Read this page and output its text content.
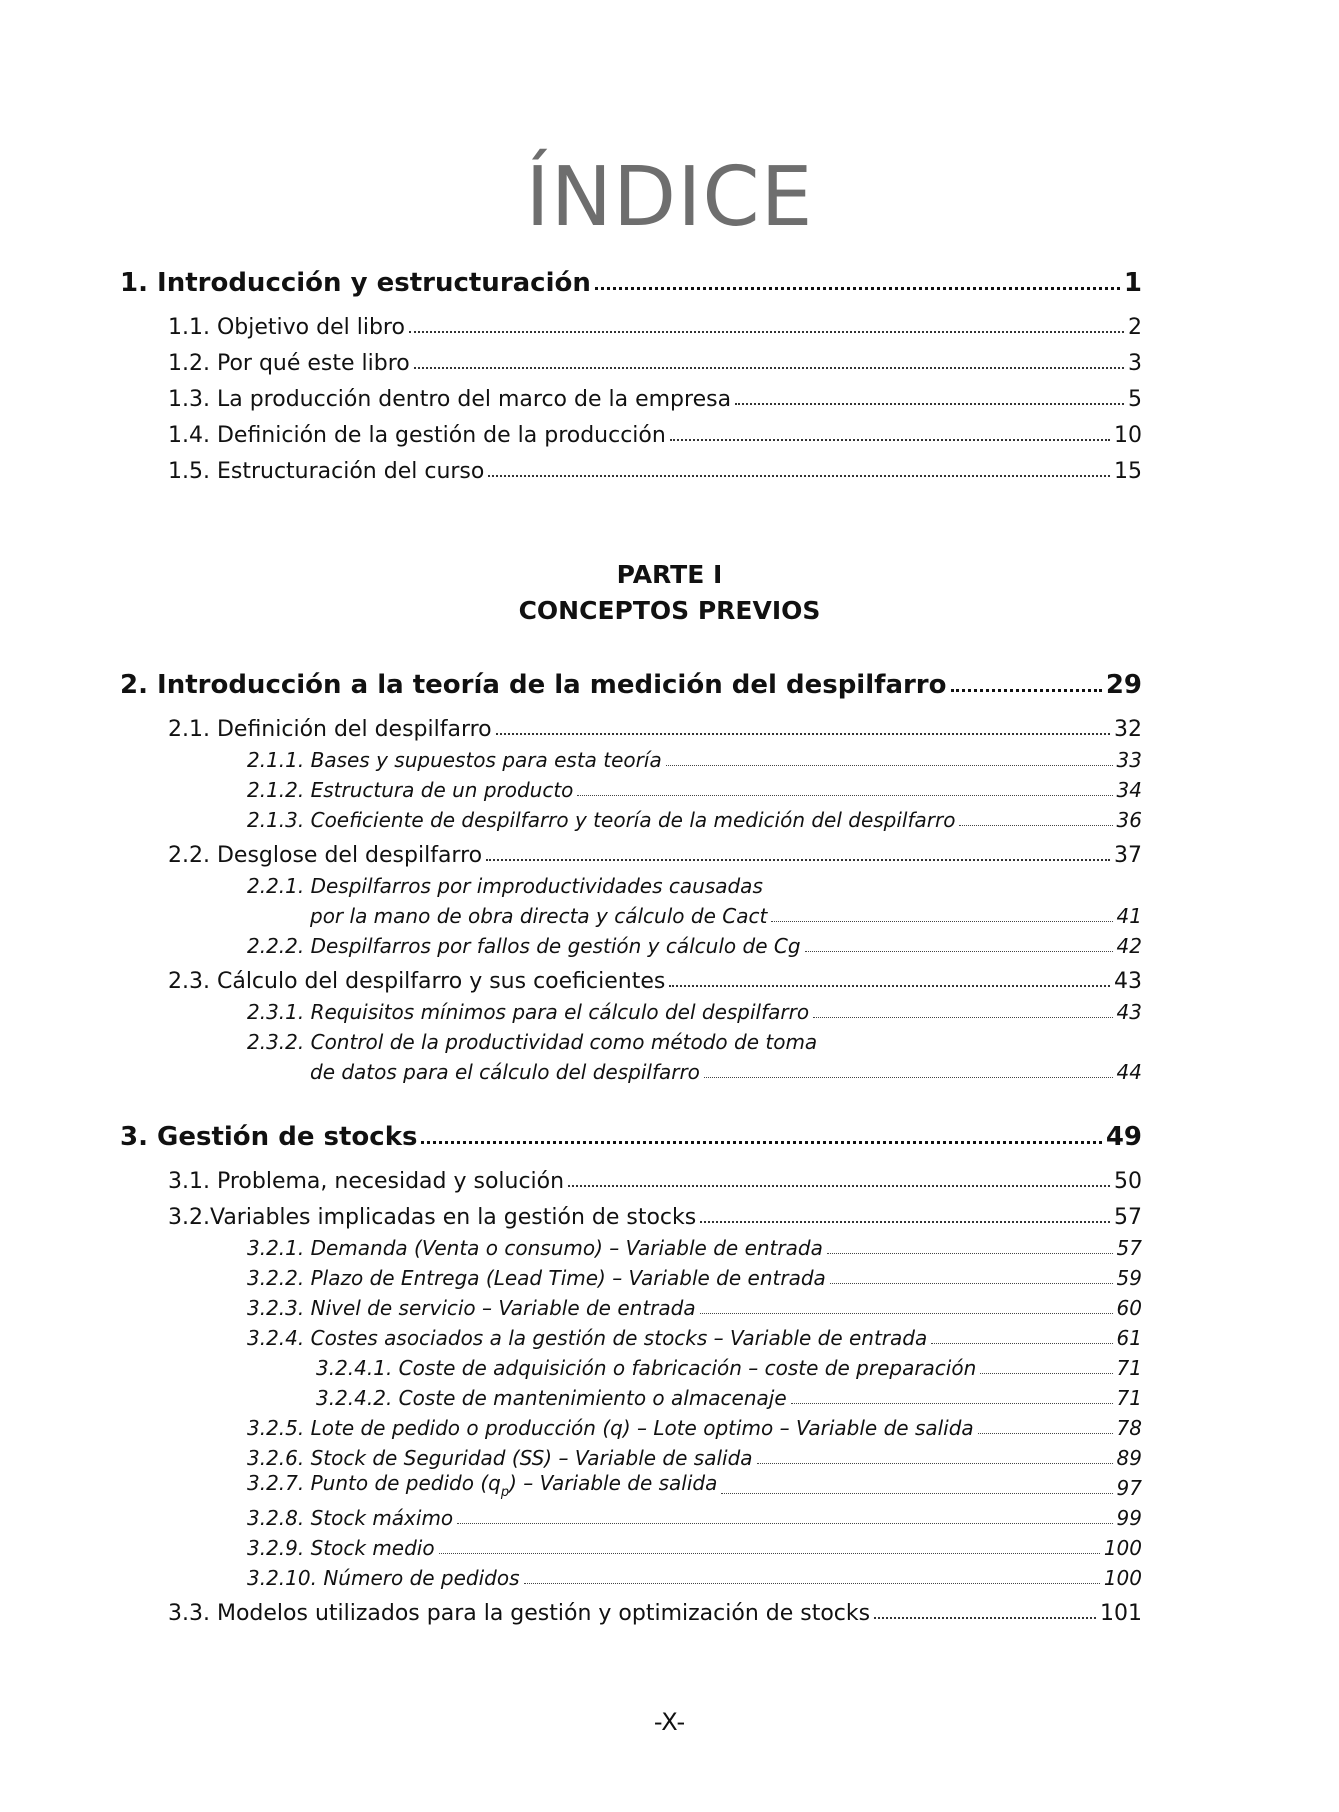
ÍNDICE
1. Introducción y estructuración	1
1.1. Objetivo del libro	2
1.2. Por qué este libro	3
1.3. La producción dentro del marco de la empresa	5
1.4. Definición de la gestión de la producción	10
1.5. Estructuración del curso	15
PARTE I
CONCEPTOS PREVIOS
2. Introducción a la teoría de la medición del despilfarro	29
2.1. Definición del despilfarro	32
2.1.1. Bases y supuestos para esta teoría	33
2.1.2. Estructura de un producto	34
2.1.3. Coeficiente de despilfarro y teoría de la medición del despilfarro	36
2.2. Desglose del despilfarro	37
2.2.1. Despilfarros por improductividades causadas
por la mano de obra directa y cálculo de Cact	41
2.2.2. Despilfarros por fallos de gestión y cálculo de Cg	42
2.3. Cálculo del despilfarro y sus coeficientes	43
2.3.1. Requisitos mínimos para el cálculo del despilfarro	43
2.3.2. Control de la productividad como método de toma
de datos para el cálculo del despilfarro	44
3. Gestión de stocks	49
3.1. Problema, necesidad y solución	50
3.2.Variables implicadas en la gestión de stocks	57
3.2.1. Demanda (Venta o consumo) – Variable de entrada	57
3.2.2. Plazo de Entrega (Lead Time) – Variable de entrada	59
3.2.3. Nivel de servicio – Variable de entrada	60
3.2.4. Costes asociados a la gestión de stocks – Variable de entrada	61
3.2.4.1. Coste de adquisición o fabricación – coste de preparación	71
3.2.4.2. Coste de mantenimiento o almacenaje	71
3.2.5. Lote de pedido o producción (q) – Lote optimo – Variable de salida	78
3.2.6. Stock de Seguridad (SS) – Variable de salida	89
3.2.7. Punto de pedido $(q_p)$ – Variable de salida	97
3.2.8. Stock máximo	99
3.2.9. Stock medio	100
3.2.10. Número de pedidos	100
3.3. Modelos utilizados para la gestión y optimización de stocks	101
-X-
